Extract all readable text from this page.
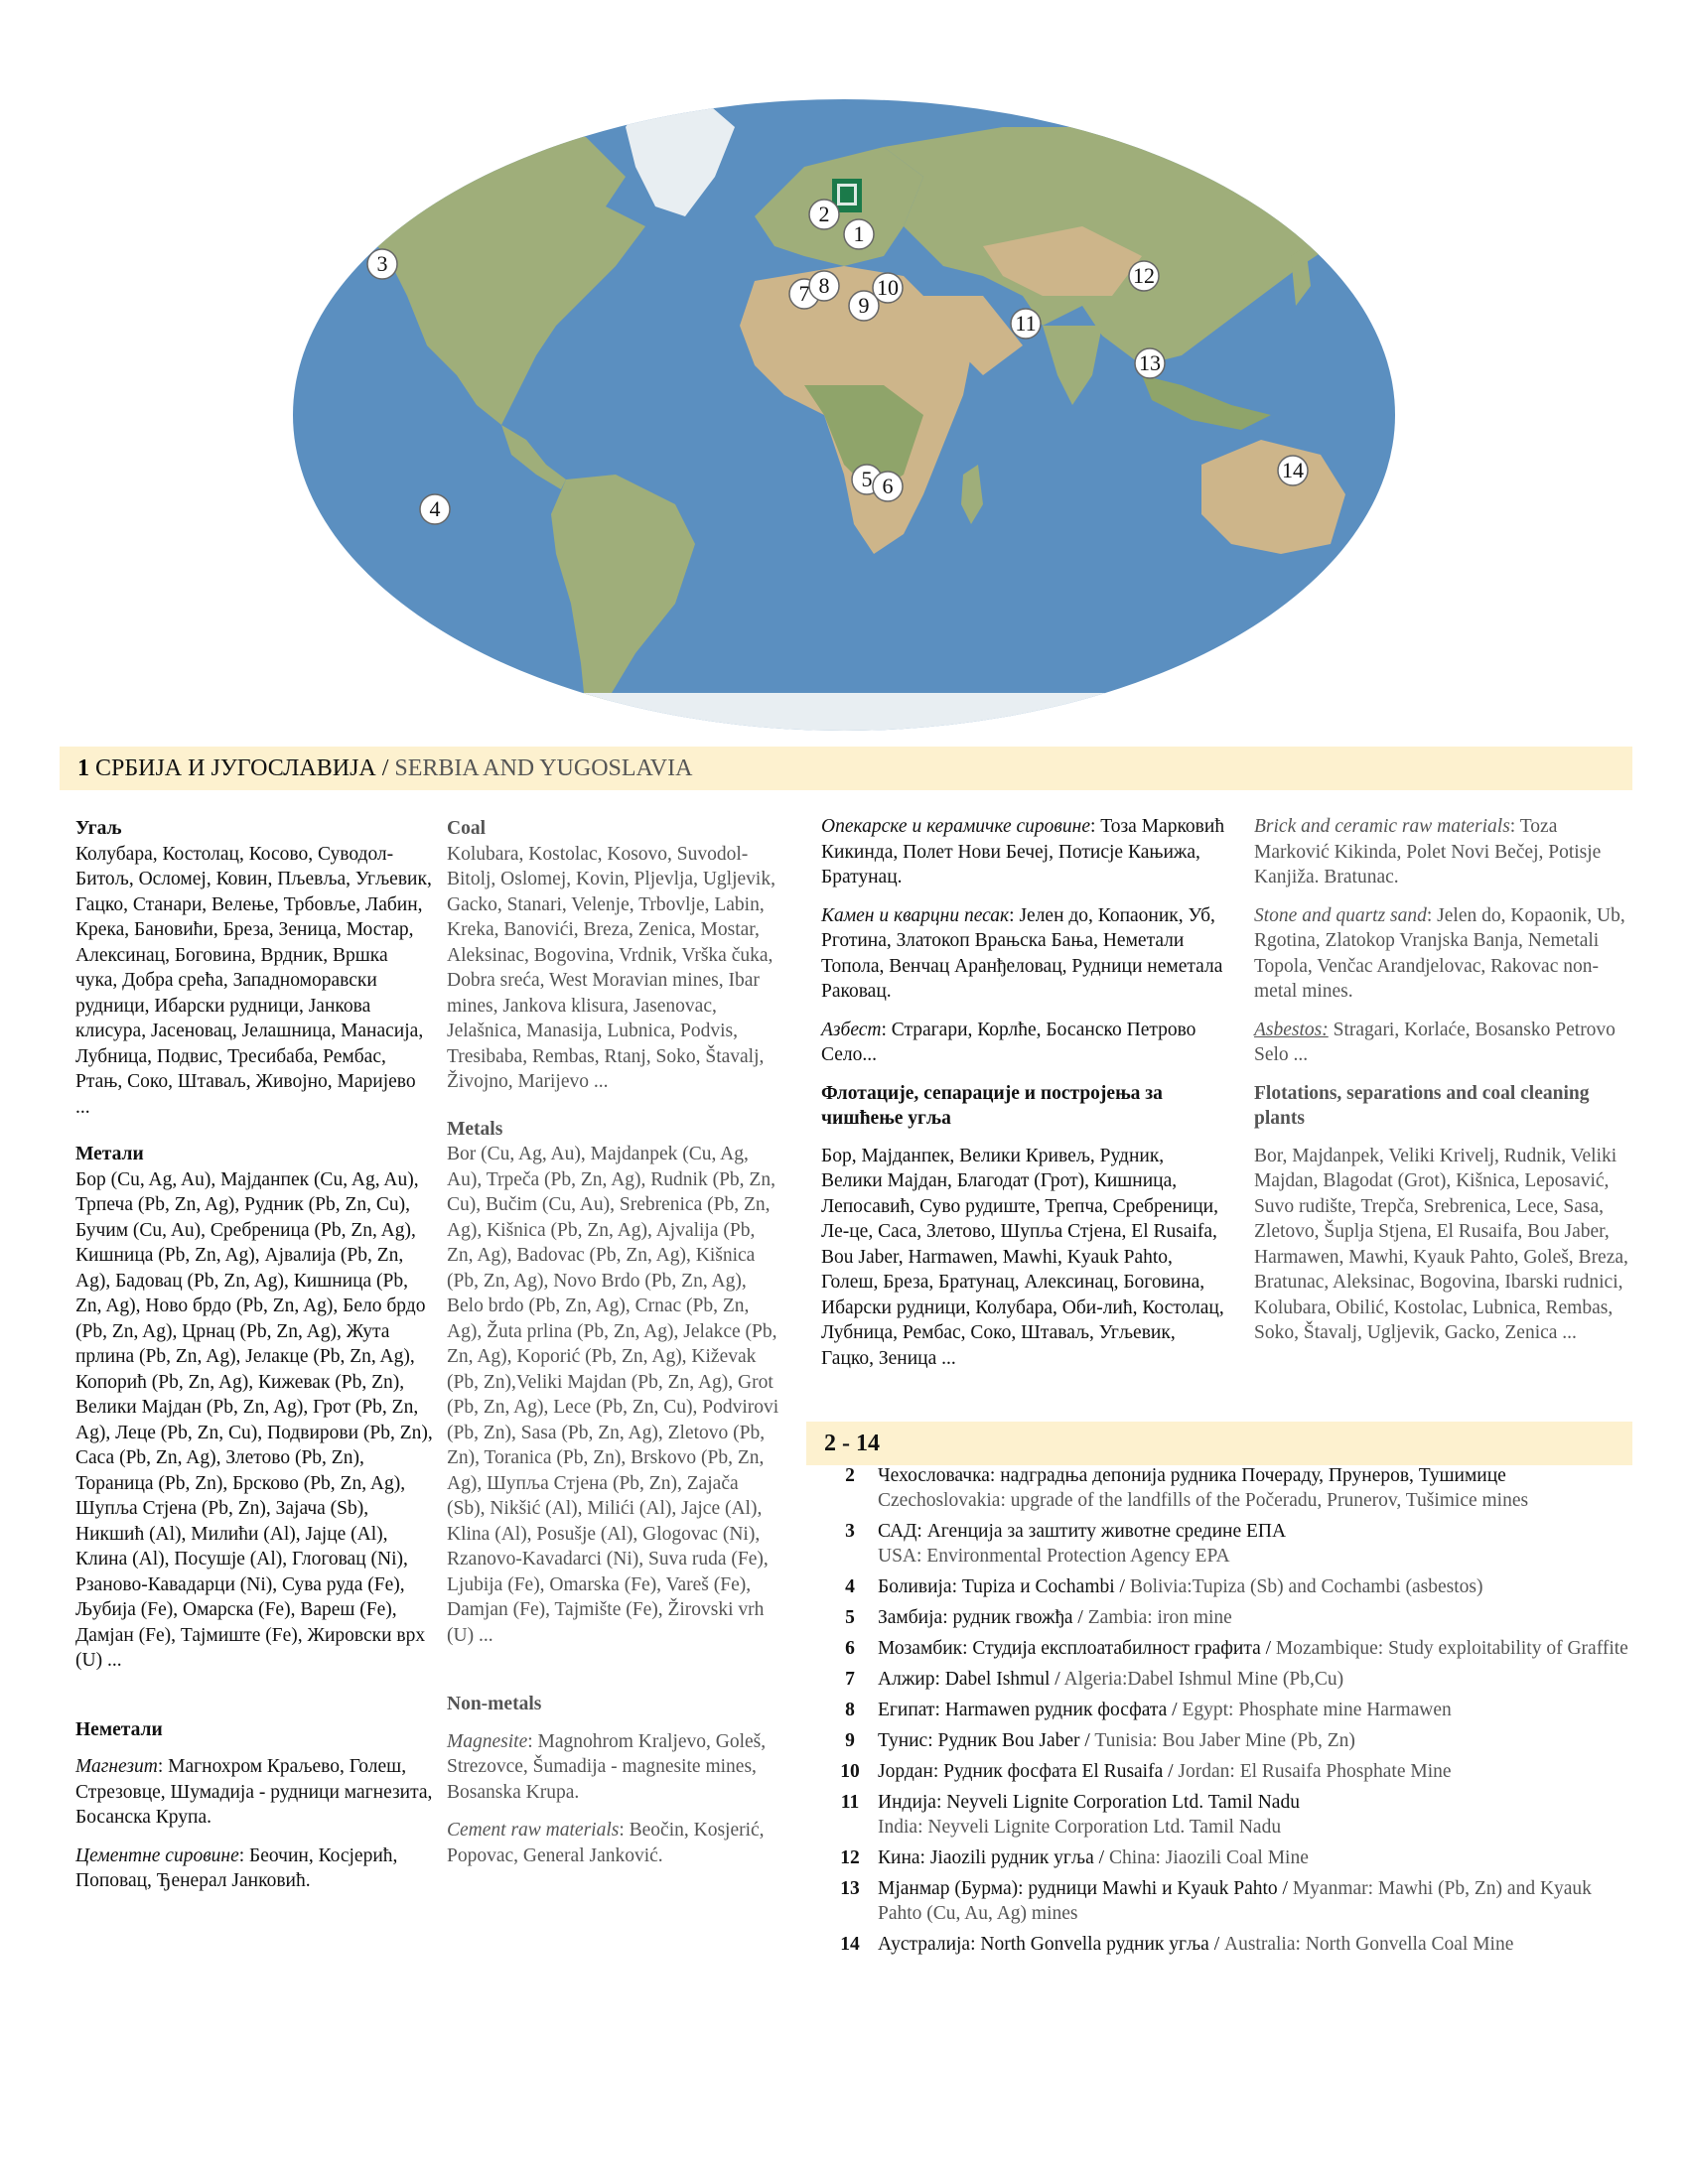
1
2
3
4
5 6
7 8
9
10
11
12
13
14
1 СРБИЈА И ЈУГОСЛАВИЈА / SERBIA AND YUGOSLAVIA

Угаљ

Колубара, Костолац, Косово, Суводол-Битољ, Осломеј, Ковин, Пљевља, Угљевик, Гацко, Станари, Велење, Трбовље, Лабин, Крека, Бановићи, Бреза, Зеница, Мостар, Алексинац, Боговина, Врдник, Вршка чука, Добра срећа, Западноморавски рудници, Ибарски рудници, Јанкова клисура, Јасеновац, Јелашница, Манасија, Лубница, Подвис, Тресибаба, Рембас, Ртањ, Соко, Штаваљ, Живојно, Маријево ...

Метали

Бор (Cu, Ag, Au), Мајданпек (Cu, Ag, Au), Трпеча (Pb, Zn, Ag), Рудник (Pb, Zn, Cu), Бучим (Cu, Au), Сребреница (Pb, Zn, Ag), Кишница (Pb, Zn, Ag), Ајвалија (Pb, Zn, Ag), Бадовац (Pb, Zn, Ag), Кишница (Pb, Zn, Ag), Ново брдо (Pb, Zn, Ag), Бело брдо (Pb, Zn, Ag), Црнац (Pb, Zn, Ag), Жута прлина (Pb, Zn, Ag), Јелакце (Pb, Zn, Ag), Копорић (Pb, Zn, Ag), Кижевак (Pb, Zn), Велики Мајдан (Pb, Zn, Ag), Грот (Pb, Zn, Ag), Леце (Pb, Zn, Cu), Подвирови (Pb, Zn), Саса (Pb, Zn, Ag), Злетово (Pb, Zn), Тораница (Pb, Zn), Брсково (Pb, Zn, Ag), Шупља Стјена (Pb, Zn), Зајача (Sb), Никшић (Al), Милићи (Al), Јајце (Al), Клина (Al), Посушје (Al), Глоговац (Ni), Рзаново-Кавадарци (Ni), Сува руда (Fe), Љубија (Fe), Омарска (Fe), Вареш (Fe), Дамјан (Fe), Тајмиште (Fe), Жировски врх (U) ...

Неметали

Магнезит: Магнохром Краљево, Голеш, Стрезовце, Шумадија - рудници магнезита, Босанска Крупа.

Цементне сировине: Беочин, Косјерић, Поповац, Ђенерал Јанковић.

Coal

Kolubara, Kostolac, Kosovo, Suvodol-Bitolj, Oslomej, Kovin, Pljevlja, Ugljevik, Gacko, Stanari, Velenje, Trbovlje, Labin, Kreka, Banovići, Breza, Zenica, Mostar, Aleksinac, Bogovina, Vrdnik, Vrška čuka, Dobra sreća, West Moravian mines, Ibar mines, Jankova klisura, Jasenovac, Jelašnica, Manasija, Lubnica, Podvis, Tresibaba, Rembas, Rtanj, Soko, Štavalj, Živojno, Marijevo ...

Metals

Bor (Cu, Ag, Au), Majdanpek (Cu, Ag, Au), Trpeča (Pb, Zn, Ag), Rudnik (Pb, Zn, Cu), Bučim (Cu, Au), Srebrenica (Pb, Zn, Ag), Kišnica (Pb, Zn, Ag), Ajvalija (Pb, Zn, Ag), Badovac (Pb, Zn, Ag), Kišnica (Pb, Zn, Ag), Novo Brdo (Pb, Zn, Ag), Belo brdo (Pb, Zn, Ag), Crnac (Pb, Zn, Ag), Žuta prlina (Pb, Zn, Ag), Jelakce (Pb, Zn, Ag), Koporić (Pb, Zn, Ag), Kiževak (Pb, Zn),Veliki Majdan (Pb, Zn, Ag), Grot (Pb, Zn, Ag), Lece (Pb, Zn, Cu), Podvirovi (Pb, Zn), Sasa (Pb, Zn, Ag), Zletovo (Pb, Zn), Toranica (Pb, Zn), Brskovo (Pb, Zn, Ag), Шупља Стјена (Pb, Zn), Zajača (Sb), Nikšić (Al), Milići (Al), Jajce (Al), Klina (Al), Posušje (Al), Glogovac (Ni), Rzanovo-Kavadarci (Ni), Suva ruda (Fe), Ljubija (Fe), Omarska (Fe), Vareš (Fe), Damjan (Fe), Tajmište (Fe), Žirovski vrh (U) ...

Non-metals

Magnesite: Magnohrom Kraljevo, Goleš, Strezovce, Šumadija - magnesite mines, Bosanska Krupa.

Cement raw materials: Beočin, Kosjerić, Popovac, General Janković.

Опекарске и керамичке сировине: Тоза Марковић Кикинда, Полет Нови Бечеј, Потисје Кањижа, Братунац.

Камен и кварцни песак: Јелен до, Копаоник, Уб, Рготина, Златокоп Врањска Бања, Неметали Топола, Венчац Аранђеловац, Рудници неметала Раковац.

Азбест: Страгари, Корлће, Босанско Петрово Село...

Флотације, сепарације и постројења за чишћење угља

Бор, Мајданпек, Велики Кривељ, Рудник, Велики Мајдан, Благодат (Грот), Кишница, Лепосавић, Суво рудиште, Трепча, Сребреници, Ле-це, Саса, Злетово, Шупља Стјена, El Rusaifa, Bou Jaber, Harmawen, Mawhi, Kyauk Pahto, Голеш, Бреза, Братунац, Алексинац, Боговина, Ибарски рудници, Колубара, Оби-лић, Костолац, Лубница, Рембас, Соко, Штаваљ, Угљевик, Гацко, Зеница ...

Brick and ceramic raw materials: Toza Marković Kikinda, Polet Novi Bečej, Potisje Kanjiža. Bratunac.

Stone and quartz sand: Jelen do, Kopaonik, Ub, Rgotina, Zlatokop Vranjska Banja, Nemetali Topola, Venčac Arandjelovac, Rakovac non-metal mines.

Asbestos: Stragari, Korlaće, Bosansko Petrovo Selo ...

Flotations, separations and coal cleaning plants

Bor, Majdanpek, Veliki Krivelj, Rudnik, Veliki Majdan, Blagodat (Grot), Kišnica, Leposavić, Suvo rudište, Trepča, Srebrenica, Lece, Sasa, Zletovo, Šuplja Stjena, El Rusaifa, Bou Jaber, Harmawen, Mawhi, Kyauk Pahto, Goleš, Breza, Bratunac, Aleksinac, Bogovina, Ibarski rudnici, Kolubara, Obilić, Kostolac, Lubnica, Rembas, Soko, Štavalj, Ugljevik, Gacko, Zenica ...

2 - 14
2	Чехословачка: надградња депонија рудника Почераду, Прунеров, Тушимице
Czechoslovakia: upgrade of the landfills of the Počeradu, Prunerov, Tušimice mines
3	САД: Агенција за заштиту животне средине ЕПА
USA: Environmental Protection Agency EPA
4	Боливија: Tupiza и Cochambi / Bolivia:Tupiza (Sb) and Cochambi (asbestos)
5	Замбија: рудник гвожђа / Zambia: iron mine
6	Мозамбик: Студија експлоатабилност графита / Mozambique: Study exploitability of Graffite
7	Алжир: Dabel Ishmul / Algeria:Dabel Ishmul Mine (Pb,Cu)
8	Египат: Harmawen рудник фосфата / Egypt: Phosphate mine Harmawen
9	Тунис: Рудник Bou Jaber / Tunisia: Bou Jaber Mine (Pb, Zn)
10 Јордан: Рудник фосфата El Rusaifa / Jordan: El Rusaifa Phosphate Mine
11 Индија: Neyveli Lignite Corporation Ltd. Tamil Nadu
India: Neyveli Lignite Corporation Ltd. Tamil Nadu
12 Кина: Jiaozili рудник угља / China: Jiaozili Coal Mine
13 Мјанмар (Бурма): рудници Mawhi и Kyauk Pahto / Myanmar: Mawhi (Pb, Zn) and Kyauk Pahto (Cu, Au, Ag) mines
14 Аустралија: North Gonvella рудник угља / Australia: North Gonvella Coal Mine
